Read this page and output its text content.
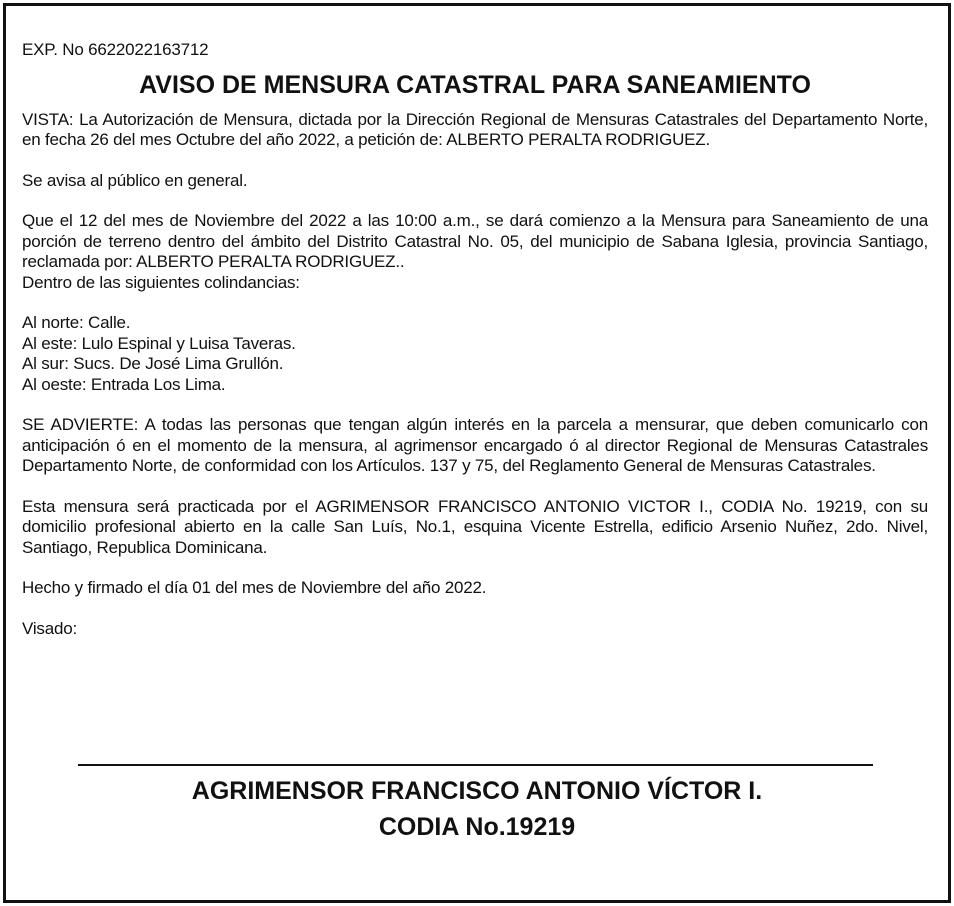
EXP. No 6622022163712

AVISO DE MENSURA CATASTRAL PARA SANEAMIENTO

VISTA: La Autorización de Mensura, dictada por la Dirección Regional de Mensuras Catastrales del Departamento Norte, en fecha 26 del mes Octubre del año 2022, a petición de: ALBERTO PERALTA RODRIGUEZ.

Se avisa al público en general.

Que el 12 del mes de Noviembre del 2022 a las 10:00 a.m., se dará comienzo a la Mensura para Saneamiento de una porción de terreno dentro del ámbito del Distrito Catastral No. 05, del municipio de Sabana Iglesia, provincia Santiago, reclamada por: ALBERTO PERALTA RODRIGUEZ..

Dentro de las siguientes colindancias:

Al norte: Calle.

Al este: Lulo Espinal y Luisa Taveras.

Al sur: Sucs. De José Lima Grullón.

Al oeste: Entrada Los Lima.

SE ADVIERTE: A todas las personas que tengan algún interés en la parcela a mensurar, que deben comunicarlo con anticipación ó en el momento de la mensura, al agrimensor encargado ó al director Regional de Mensuras Catastrales Departamento Norte, de conformidad con los Artículos. 137 y 75, del Reglamento General de Mensuras Catastrales.

Esta mensura será practicada por el AGRIMENSOR FRANCISCO ANTONIO VICTOR I., CODIA No. 19219, con su domicilio profesional abierto en la calle San Luís, No.1, esquina Vicente Estrella, edificio Arsenio Nuñez, 2do. Nivel, Santiago, Republica Dominicana.

Hecho y firmado el día 01 del mes de Noviembre del año 2022.

Visado:

AGRIMENSOR FRANCISCO ANTONIO VÍCTOR I.
CODIA No.19219
